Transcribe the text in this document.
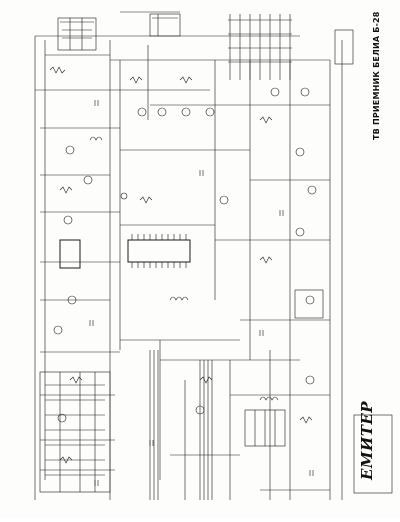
ТВ ПРИЕМНИК БЕЛИА Б-28
ЕМИТЕР
